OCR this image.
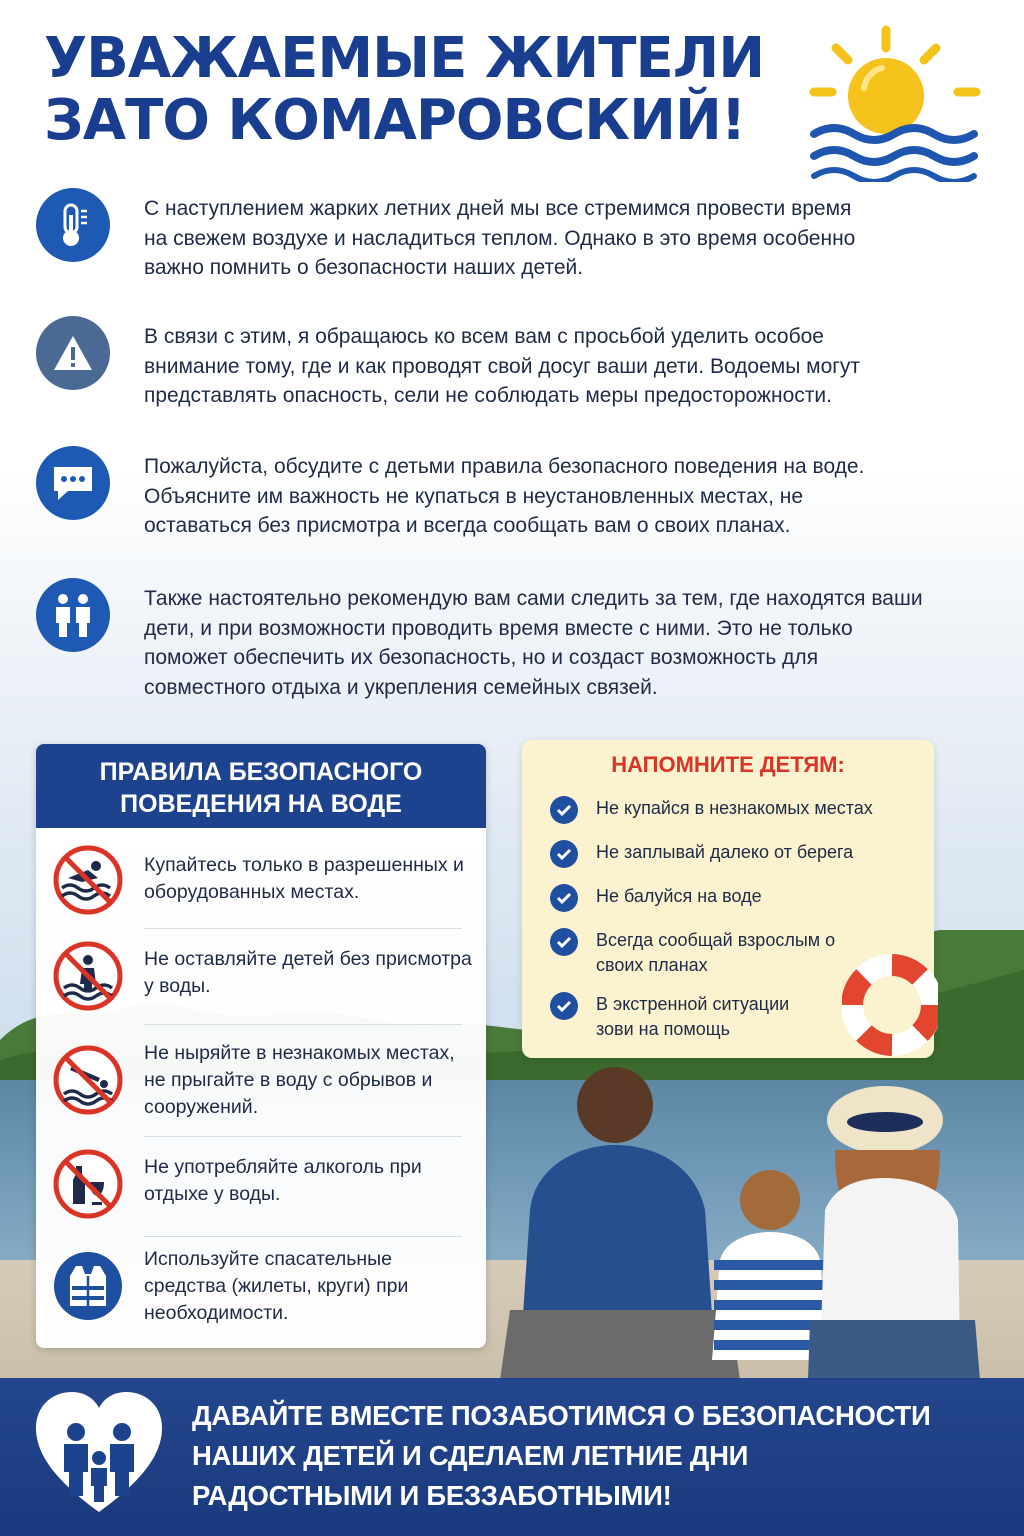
УВАЖАЕМЫЕ ЖИТЕЛИ
ЗАТО КОМАРОВСКИЙ!
С наступлением жарких летних дней мы все стремимся провести время на свежем воздухе и насладиться теплом. Однако в это время особенно важно помнить о безопасности наших детей.
В связи с этим, я обращаюсь ко всем вам с просьбой уделить особое внимание тому, где и как проводят свой досуг ваши дети. Водоемы могут представлять опасность, сели не соблюдать меры предосторожности.
Пожалуйста, обсудите с детьми правила безопасного поведения на воде. Объясните им важность не купаться в неустановленных местах, не оставаться без присмотра и всегда сообщать вам о своих планах.
Также настоятельно рекомендую вам сами следить за тем, где находятся ваши дети, и при возможности проводить время вместе с ними. Это не только поможет обеспечить их безопасность, но и создаст возможность для совместного отдыха и укрепления семейных связей.
ПРАВИЛА БЕЗОПАСНОГО
ПОВЕДЕНИЯ НА ВОДЕ
Купайтесь только в разрешенных и оборудованных местах.
Не оставляйте детей без присмотра у воды.
Не ныряйте в незнакомых местах, не прыгайте в воду с обрывов и сооружений.
Не употребляйте алкоголь при отдыхе у воды.
Используйте спасательные средства (жилеты, круги) при необходимости.
НАПОМНИТЕ ДЕТЯМ:
Не купайся в незнакомых местах
Не заплывай далеко от берега
Не балуйся на воде
Всегда сообщай взрослым о своих планах
В экстренной ситуации зови на помощь
ДАВАЙТЕ ВМЕСТЕ ПОЗАБОТИМСЯ О БЕЗОПАСНОСТИ
НАШИХ ДЕТЕЙ И СДЕЛАЕМ ЛЕТНИЕ ДНИ
РАДОСТНЫМИ И БЕЗЗАБОТНЫМИ!
